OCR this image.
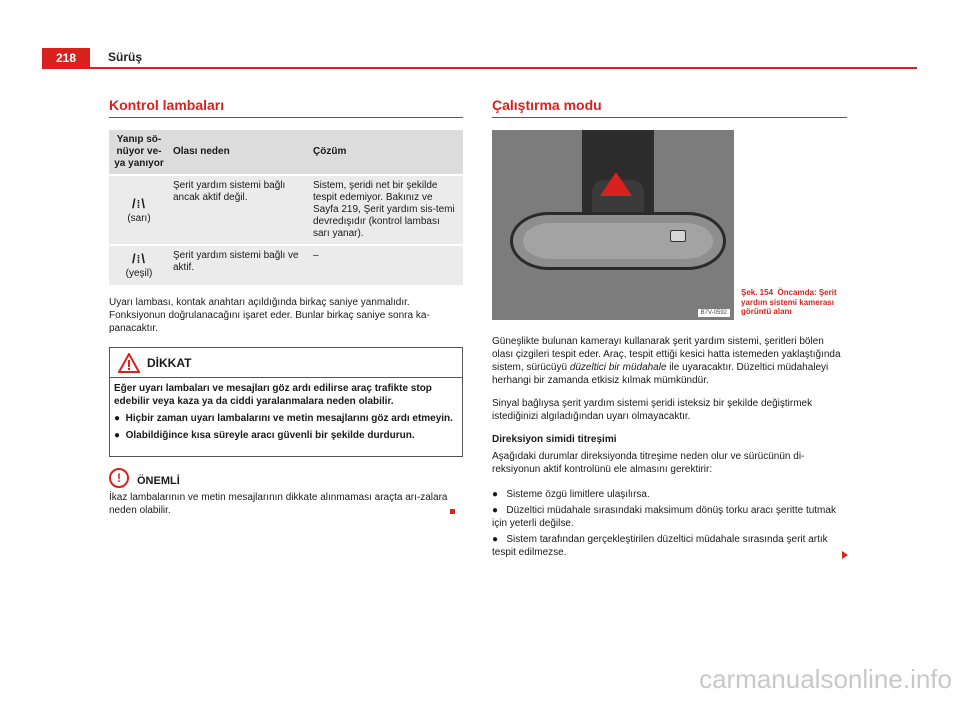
218	Sürüş
Kontrol lambaları
Yanıp sö-nüyor ve-ya yanıyor	Olası neden	Çözüm

/⁞\
(sarı)	Şerit yardım sistemi bağlı ancak aktif değil.	Sistem, şeridi net bir şekilde tespit edemiyor. Bakınız ve Sayfa 219, Şerit yardım sis-temi devredışıdır (kontrol lambası sarı yanar).

/⁞\
(yeşil)	Şerit yardım sistemi bağlı ve aktif.	–
Uyarı lambası, kontak anahtarı açıldığında birkaç saniye yanmalıdır. Fonksiyonun doğrulanacağını işaret eder. Bunlar birkaç saniye sonra ka-panacaktır.
DİKKAT

Eğer uyarı lambaları ve mesajları göz ardı edilirse araç trafikte stop edebilir veya kaza ya da ciddi yaralanmalara neden olabilir.

●  Hiçbir zaman uyarı lambalarını ve metin mesajlarını göz ardı etmeyin.

●  Olabildiğince kısa süreyle aracı güvenli bir şekilde durdurun.

!	ÖNEMLİ
İkaz lambalarının ve metin mesajlarının dikkate alınmaması araçta arı-zalara neden olabilir.
Çalıştırma modu
B7V-0592
Şek. 154 Öncamda: Şerit yardım sistemi kamerası görüntü alanı
Güneşlikte bulunan kamerayı kullanarak şerit yardım sistemi, şeritleri bölen olası çizgileri tespit eder. Araç, tespit ettiği kesici hatta istemeden yaklaştığında sistem, sürücüyü düzeltici bir müdahale ile uyaracaktır. Düzeltici müdahaleyi herhangi bir zamanda etkisiz kılmak mümkündür.
Sinyal bağlıysa şerit yardım sistemi şeridi isteksiz bir şekilde değiştirmek istediğinizi algıladığından uyarı olmayacaktır.
Direksiyon simidi titreşimi
Aşağıdaki durumlar direksiyonda titreşime neden olur ve sürücünün di-reksiyonun aktif kontrolünü ele almasını gerektirir:
●   Sisteme özgü limitlere ulaşılırsa.
●   Düzeltici müdahale sırasındaki maksimum dönüş torku aracı şeritte tutmak için yeterli değilse.
●   Sistem tarafından gerçekleştirilen düzeltici müdahale sırasında şerit artık tespit edilmezse.
carmanualsonline.info
